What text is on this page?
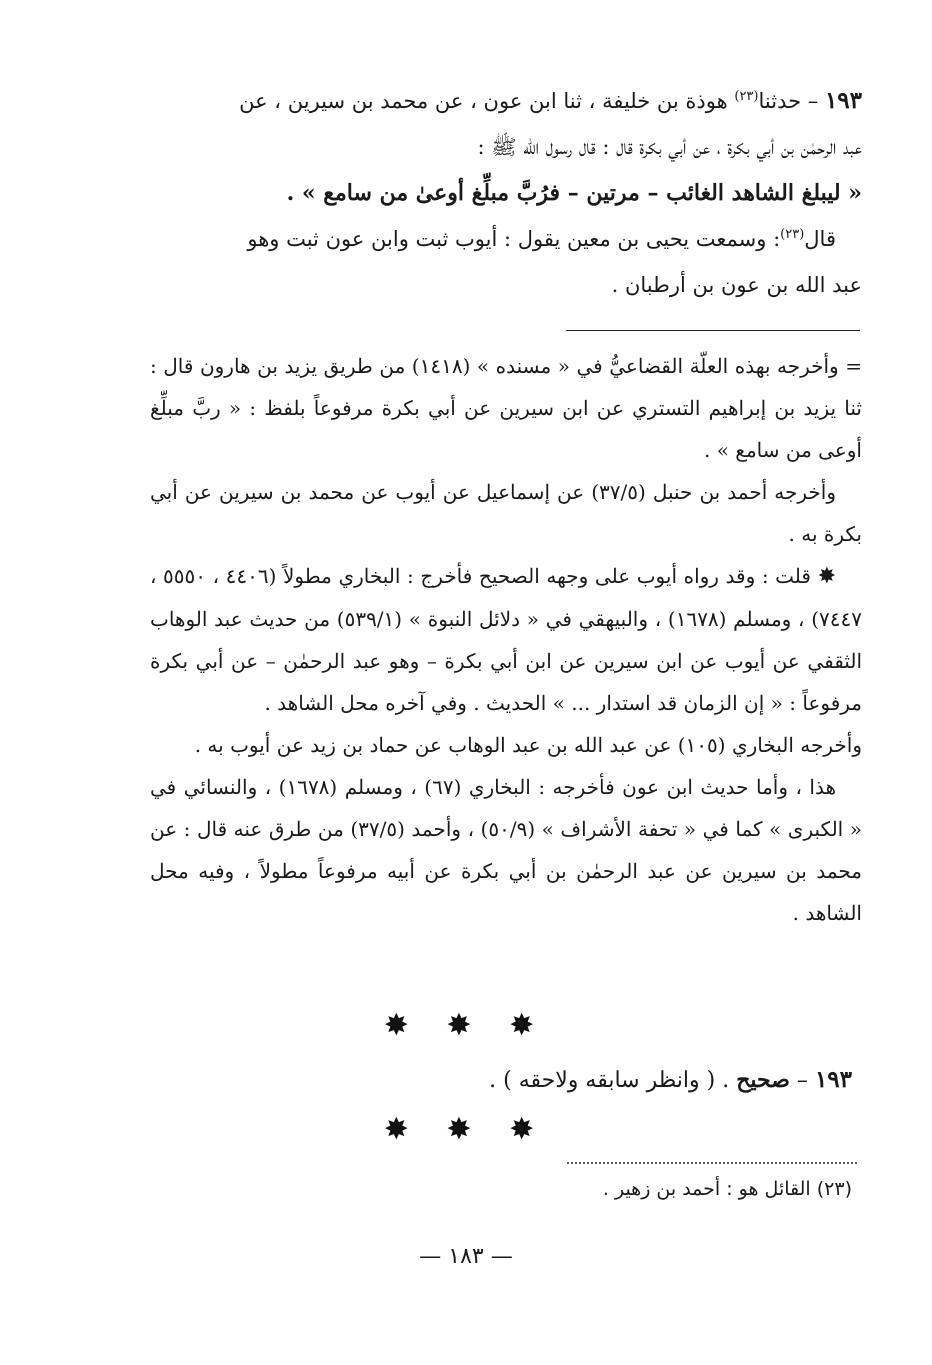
١٩٣ – حدثنا$^{(٢٣)}$ هوذة بن خليفة ، ثنا ابن عون ، عن محمد بن سيرين ، عن

عبد الرحمٰن بن أبي بكرة ، عن أبي بكرة قال : قال رسول الله ﷺ :

« ليبلغ الشاهد الغائب – مرتين – فرُبَّ مبلِّغ أوعىٰ من سامع » .

قال$^{(٢٣)}$: وسمعت يحيى بن معين يقول : أيوب ثبت وابن عون ثبت وهو

عبد الله بن عون بن أرطبان .

= وأخرجه بهذه العلّة القضاعيُّ في « مسنده » (١٤١٨) من طريق يزيد بن هارون قال : ثنا يزيد بن إبراهيم التستري عن ابن سيرين عن أبي بكرة مرفوعاً بلفظ : « ربَّ مبلِّغ أوعى من سامع » .

وأخرجه أحمد بن حنبل (٣٧/٥) عن إسماعيل عن أيوب عن محمد بن سيرين عن أبي بكرة به .

✸ قلت : وقد رواه أيوب على وجهه الصحيح فأخرج : البخاري مطولاً (٤٤٠٦ ، ٥٥٥٠ ، ٧٤٤٧) ، ومسلم (١٦٧٨) ، والبيهقي في « دلائل النبوة » (٥٣٩/١) من حديث عبد الوهاب الثقفي عن أيوب عن ابن سيرين عن ابن أبي بكرة – وهو عبد الرحمٰن – عن أبي بكرة مرفوعاً : « إن الزمان قد استدار ... » الحديث . وفي آخره محل الشاهد .

وأخرجه البخاري (١٠٥) عن عبد الله بن عبد الوهاب عن حماد بن زيد عن أيوب به .

هذا ، وأما حديث ابن عون فأخرجه : البخاري (٦٧) ، ومسلم (١٦٧٨) ، والنسائي في « الكبرى » كما في « تحفة الأشراف » (٥٠/٩) ، وأحمد (٣٧/٥) من طرق عنه قال : عن محمد بن سيرين عن عبد الرحمٰن بن أبي بكرة عن أبيه مرفوعاً مطولاً ، وفيه محل الشاهد .

✸ ✸ ✸
١٩٣ – صحيح . ( وانظر سابقه ولاحقه ) .
✸ ✸ ✸
(٢٣) القائل هو : أحمد بن زهير .
— ١٨٣ —
